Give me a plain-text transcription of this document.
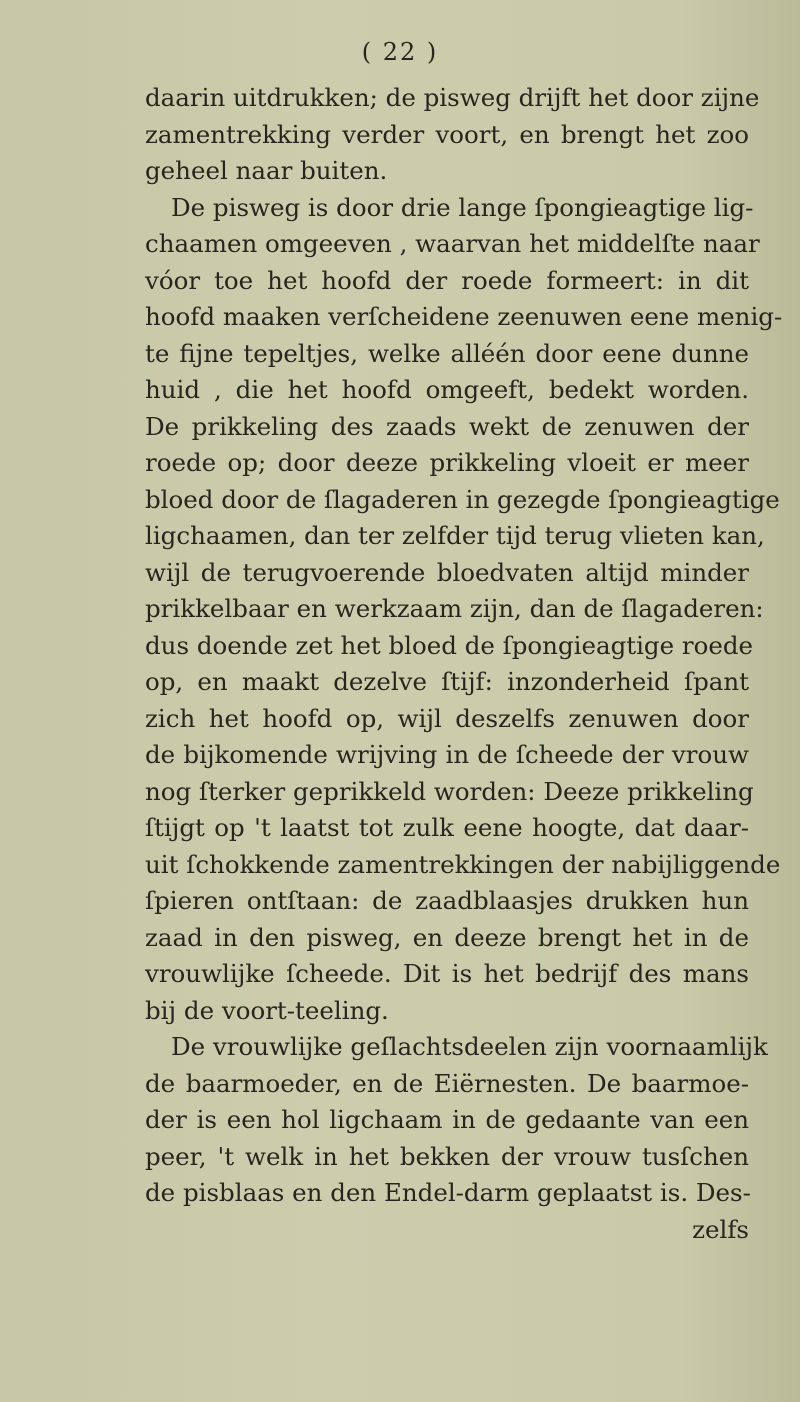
( 22 )
daarin uitdrukken; de pisweg drijft het door zijne
zamentrekking verder voort, en brengt het zoo
geheel naar buiten.
De pisweg is door drie lange ſpongieagtige lig-
chaamen omgeeven , waarvan het middelſte naar
vóor toe het hoofd der roede formeert: in dit
hoofd maaken verſcheidene zeenuwen eene menig-
te fijne tepeltjes, welke alléén door eene dunne
huid , die het hoofd omgeeft, bedekt worden.
De prikkeling des zaads wekt de zenuwen der
roede op; door deeze prikkeling vloeit er meer
bloed door de ſlagaderen in gezegde ſpongieagtige
ligchaamen, dan ter zelfder tijd terug vlieten kan,
wijl de terugvoerende bloedvaten altijd minder
prikkelbaar en werkzaam zijn, dan de ſlagaderen:
dus doende zet het bloed de ſpongieagtige roede
op, en maakt dezelve ſtijf: inzonderheid ſpant
zich het hoofd op, wijl deszelfs zenuwen door
de bijkomende wrijving in de ſcheede der vrouw
nog ſterker geprikkeld worden: Deeze prikkeling
ſtijgt op 't laatst tot zulk eene hoogte, dat daar-
uit ſchokkende zamentrekkingen der nabijliggende
ſpieren ontſtaan: de zaadblaasjes drukken hun
zaad in den pisweg, en deeze brengt het in de
vrouwlijke ſcheede. Dit is het bedrijf des mans
bij de voort-teeling.
De vrouwlijke geſlachtsdeelen zijn voornaamlijk
de baarmoeder, en de Eiërnesten. De baarmoe-
der is een hol ligchaam in de gedaante van een
peer, 't welk in het bekken der vrouw tusſchen
de pisblaas en den Endel-darm geplaatst is. Des-
zelfs
